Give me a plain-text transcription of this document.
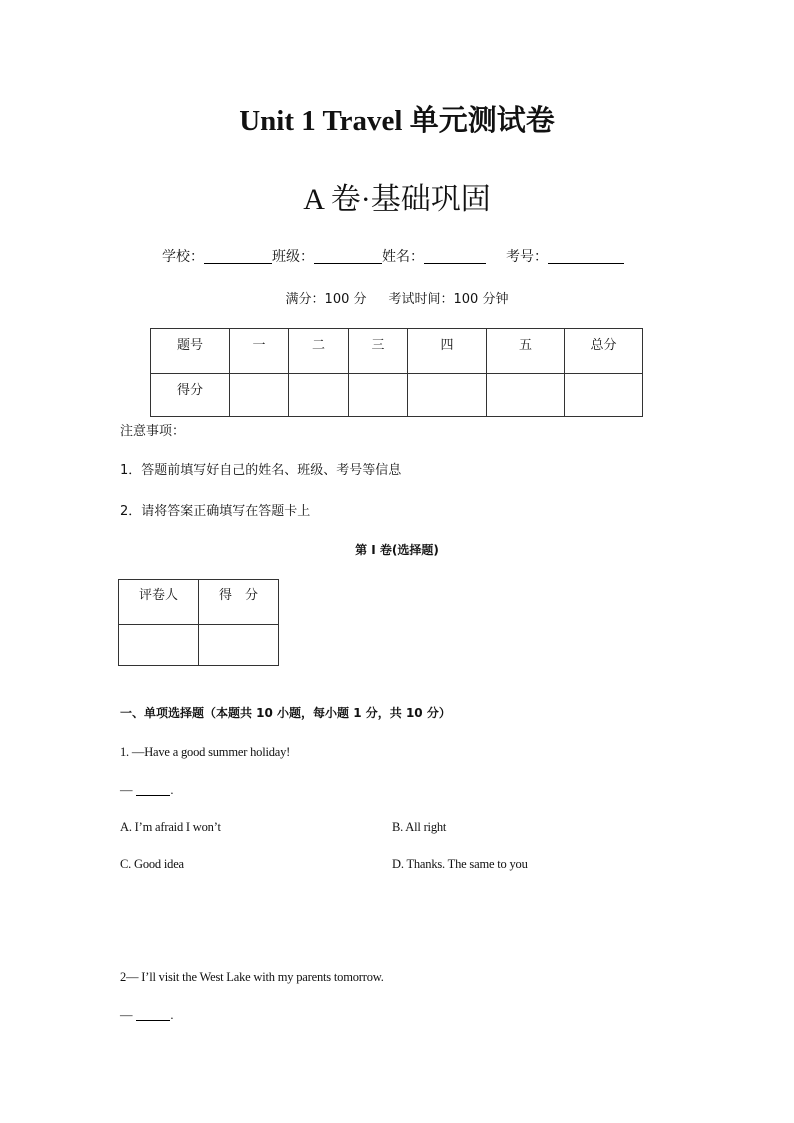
Unit 1 Travel 单元测试卷
A 卷·基础巩固
学校：	班级：	姓名：	考号：
满分：100 分 考试时间：100 分钟
题号	一	二	三	四	五	总分
得分						
注意事项：
1．答题前填写好自己的姓名、班级、考号等信息
2．请将答案正确填写在答题卡上
第 I 卷(选择题)
评卷人	得　分

一、单项选择题（本题共 10 小题，每小题 1 分，共 10 分）
1. —Have a good summer holiday!
—	.
A. I’m afraid I won’t	B. All right
C. Good idea	D. Thanks. The same to you
2— I’ll visit the West Lake with my parents tomorrow.
—	.
